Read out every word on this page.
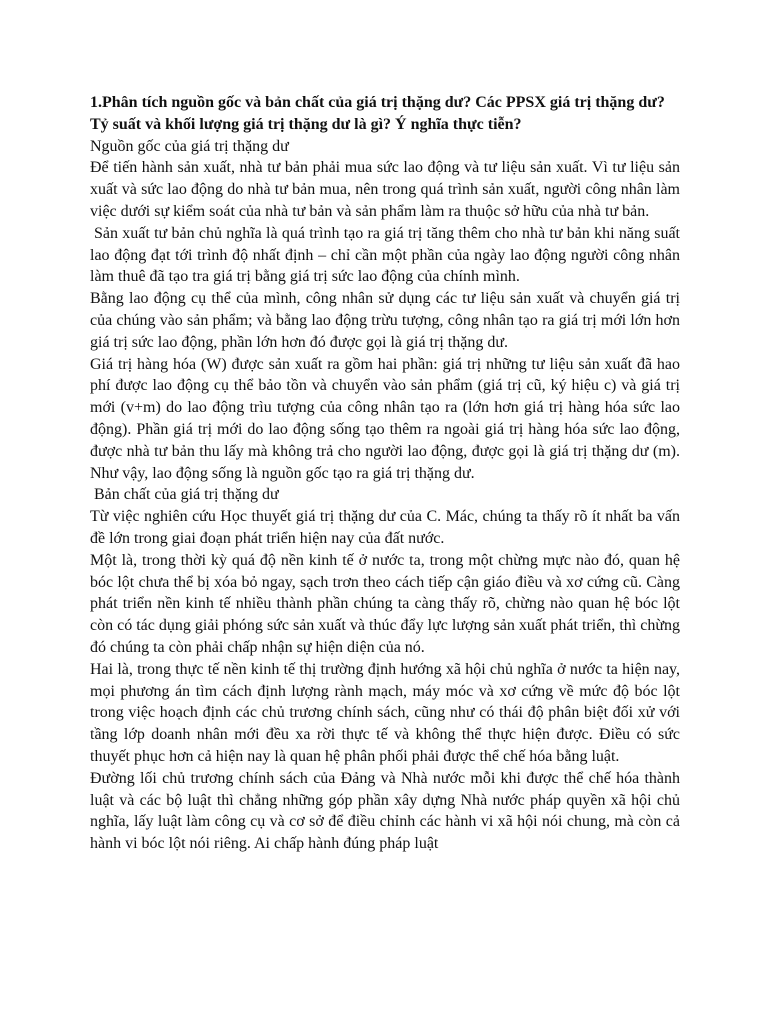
1.Phân tích nguồn gốc và bản chất của giá trị thặng dư? Các PPSX giá trị thặng dư? Tỷ suất và khối lượng giá trị thặng dư là gì? Ý nghĩa thực tiễn?
Nguồn gốc của giá trị thặng dư

Để tiến hành sản xuất, nhà tư bản phải mua sức lao động và tư liệu sản xuất. Vì tư liệu sản xuất và sức lao động do nhà tư bản mua, nên trong quá trình sản xuất, người công nhân làm việc dưới sự kiểm soát của nhà tư bản và sản phẩm làm ra thuộc sở hữu của nhà tư bản.

Sản xuất tư bản chủ nghĩa là quá trình tạo ra giá trị tăng thêm cho nhà tư bản khi năng suất lao động đạt tới trình độ nhất định – chỉ cần một phần của ngày lao động người công nhân làm thuê đã tạo tra giá trị bằng giá trị sức lao động của chính mình.

Bằng lao động cụ thể của mình, công nhân sử dụng các tư liệu sản xuất và chuyển giá trị của chúng vào sản phẩm; và bằng lao động trừu tượng, công nhân tạo ra giá trị mới lớn hơn giá trị sức lao động, phần lớn hơn đó được gọi là giá trị thặng dư.

Giá trị hàng hóa (W) được sản xuất ra gồm hai phần: giá trị những tư liệu sản xuất đã hao phí được lao động cụ thể bảo tồn và chuyển vào sản phẩm (giá trị cũ, ký hiệu c) và giá trị mới (v+m) do lao động trìu tượng của công nhân tạo ra (lớn hơn giá trị hàng hóa sức lao động). Phần giá trị mới do lao động sống tạo thêm ra ngoài giá trị hàng hóa sức lao động, được nhà tư bản thu lấy mà không trả cho người lao động, được gọi là giá trị thặng dư (m). Như vậy, lao động sống là nguồn gốc tạo ra giá trị thặng dư.

Bản chất của giá trị thặng dư

Từ việc nghiên cứu Học thuyết giá trị thặng dư của C. Mác, chúng ta thấy rõ ít nhất ba vấn đề lớn trong giai đoạn phát triển hiện nay của đất nước.

Một là, trong thời kỳ quá độ nền kinh tế ở nước ta, trong một chừng mực nào đó, quan hệ bóc lột chưa thể bị xóa bỏ ngay, sạch trơn theo cách tiếp cận giáo điều và xơ cứng cũ. Càng phát triển nền kinh tế nhiều thành phần chúng ta càng thấy rõ, chừng nào quan hệ bóc lột còn có tác dụng giải phóng sức sản xuất và thúc đẩy lực lượng sản xuất phát triển, thì chừng đó chúng ta còn phải chấp nhận sự hiện diện của nó.

Hai là, trong thực tế nền kinh tế thị trường định hướng xã hội chủ nghĩa ở nước ta hiện nay, mọi phương án tìm cách định lượng rành mạch, máy móc và xơ cứng về mức độ bóc lột trong việc hoạch định các chủ trương chính sách, cũng như có thái độ phân biệt đối xử với tầng lớp doanh nhân mới đều xa rời thực tế và không thể thực hiện được. Điều có sức thuyết phục hơn cả hiện nay là quan hệ phân phối phải được thể chế hóa bằng luật.

Đường lối chủ trương chính sách của Đảng và Nhà nước mỗi khi được thể chế hóa thành luật và các bộ luật thì chẳng những góp phần xây dựng Nhà nước pháp quyền xã hội chủ nghĩa, lấy luật làm công cụ và cơ sở để điều chỉnh các hành vi xã hội nói chung, mà còn cả hành vi bóc lột nói riêng. Ai chấp hành đúng pháp luật
